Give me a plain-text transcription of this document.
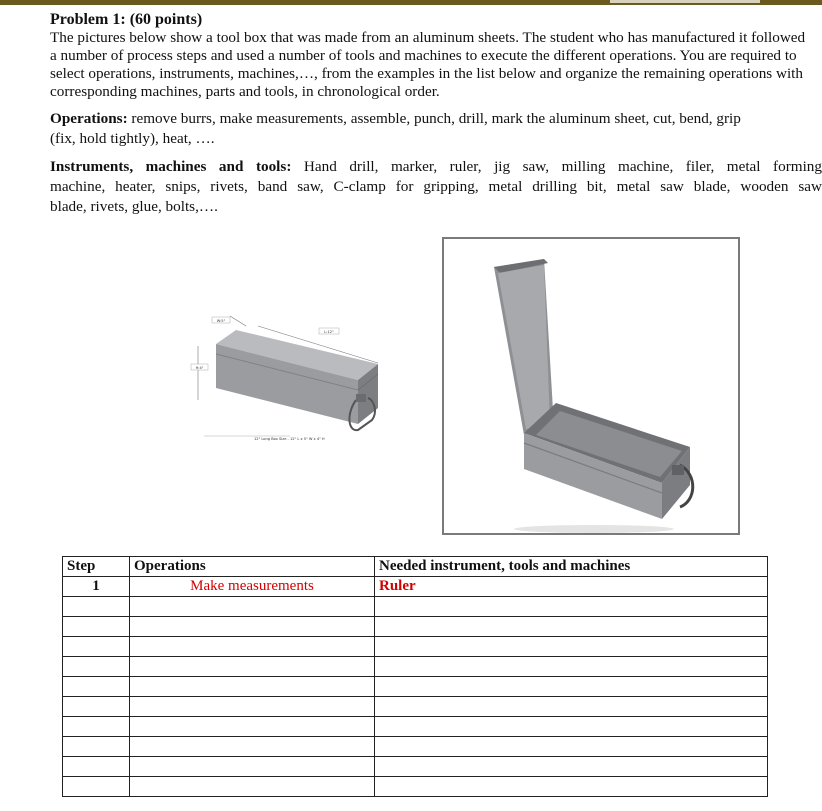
Problem 1: (60 points)

The pictures below show a tool box that was made from an aluminum sheets. The student who has manufactured it followed
a number of process steps and used a number of tools and machines to execute the different operations. You are required to
select operations, instruments, machines,…, from the examples in the list below and organize the remaining operations with
corresponding machines, parts and tools, in chronological order.
Operations: remove burrs, make measurements, assemble, punch, drill, mark the aluminum sheet, cut, bend, grip
(fix, hold tightly), heat, ….
Instruments, machines and tools: Hand drill, marker, ruler, jig saw, milling machine, filer, metal forming
machine, heater, snips, rivets, band saw, C-clamp for gripping, metal drilling bit, metal saw blade, wooden saw
blade, rivets, glue, bolts,….
W:5"
L:12"
H:4"
12" Long Box Size - 12" L x 5" W x 4" H
Step	Operations	Needed instrument, tools and machines
1	Make measurements	Ruler
